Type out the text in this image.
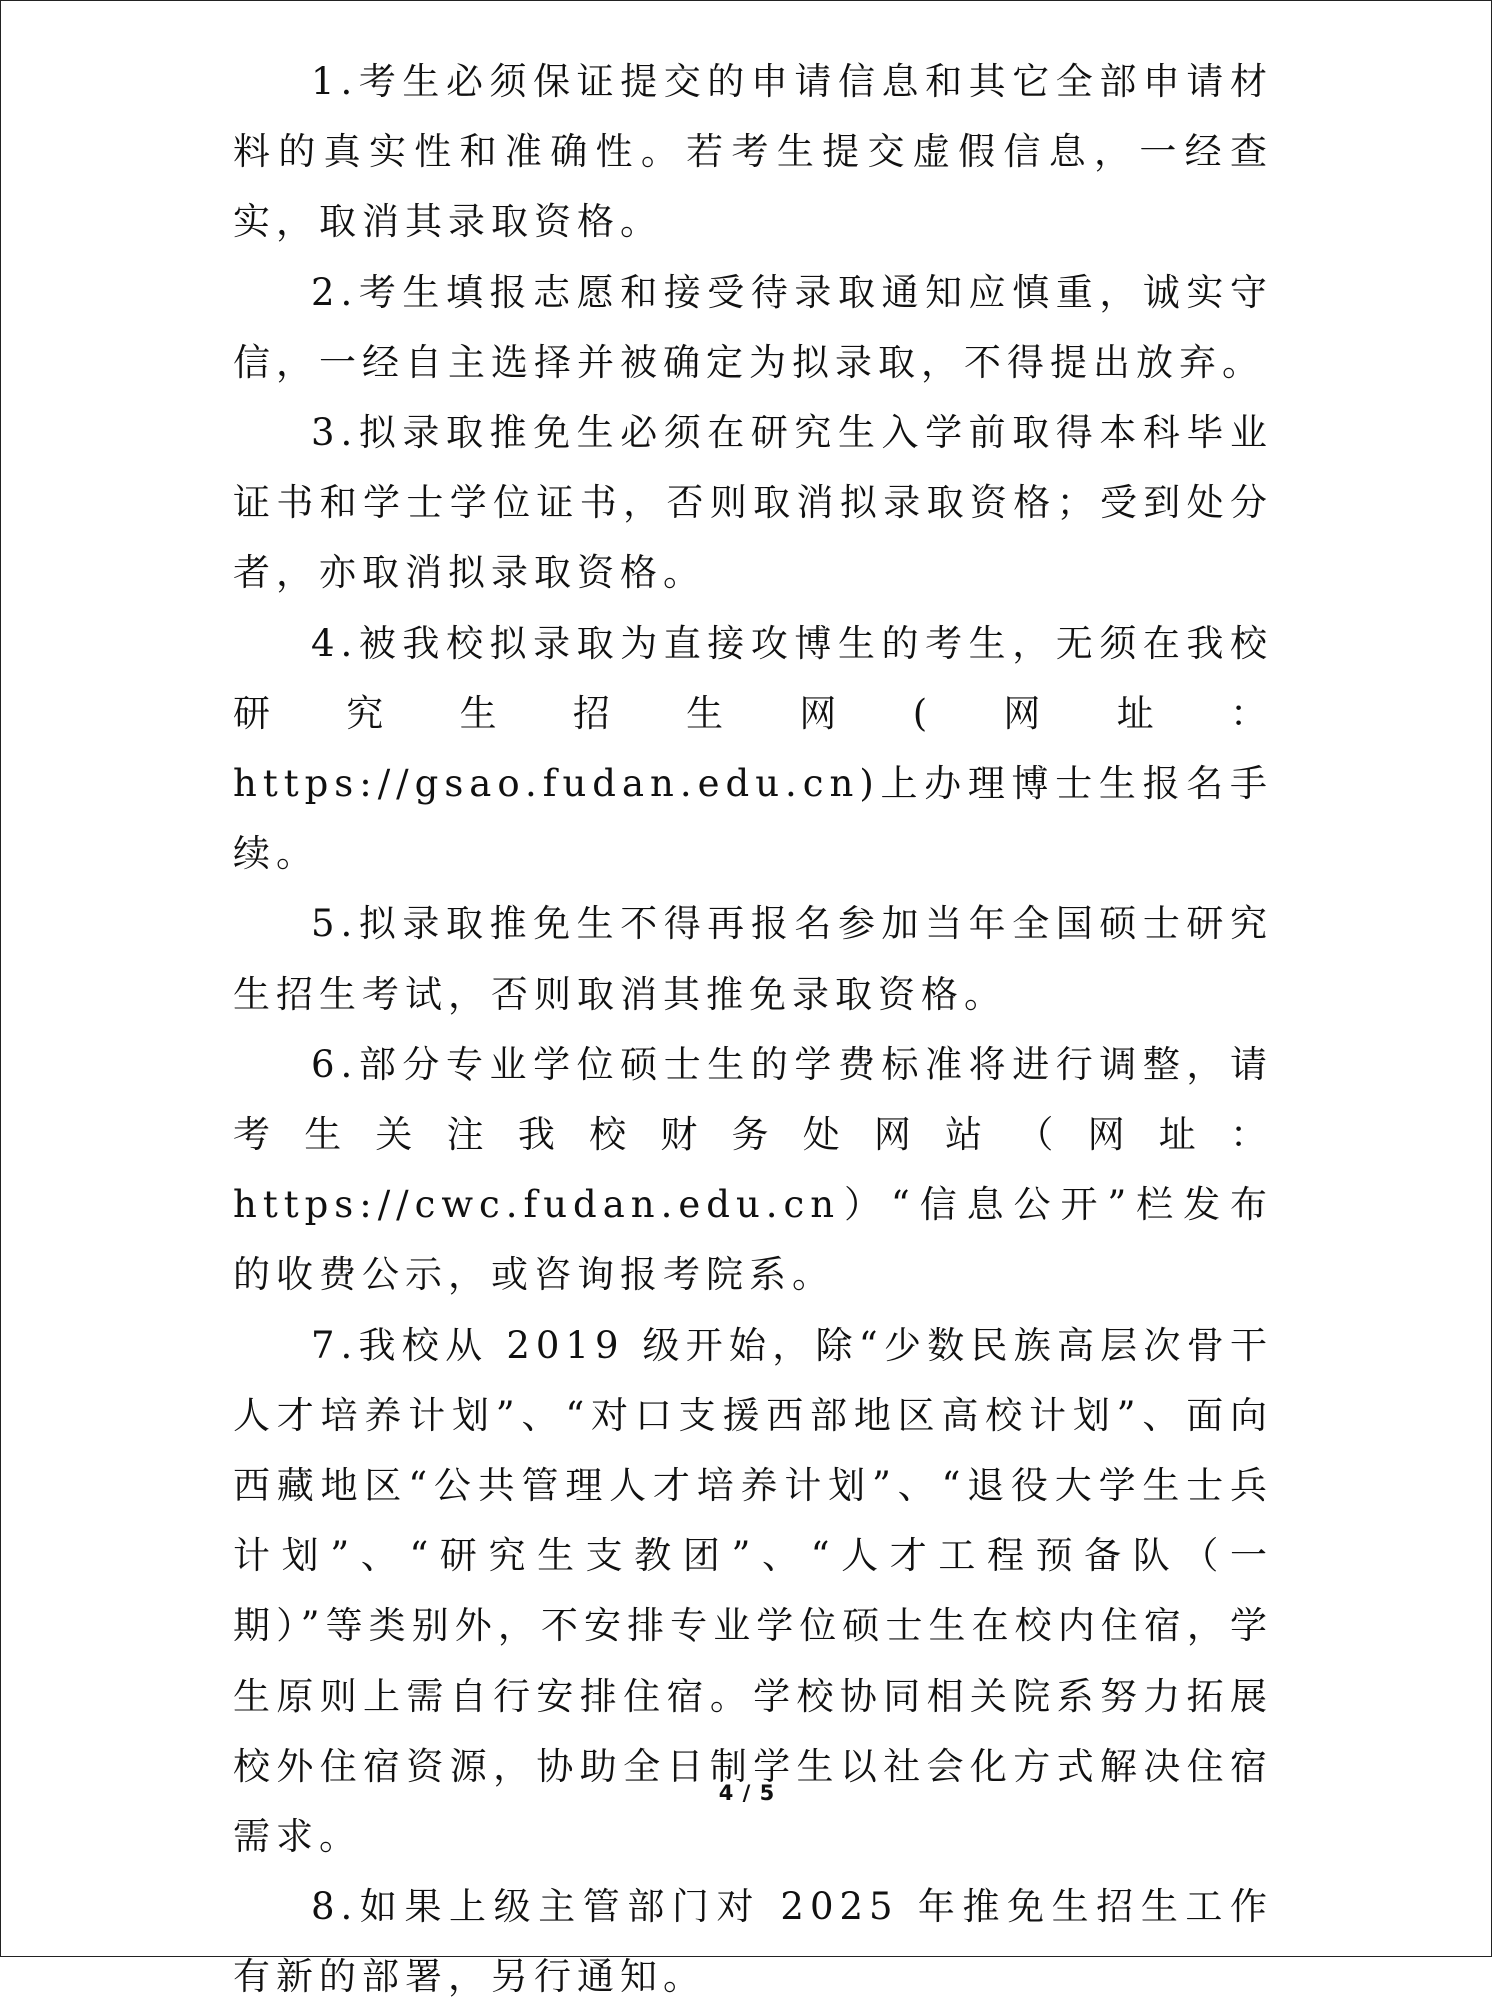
1.考生必须保证提交的申请信息和其它全部申请材料的真实性和准确性。若考生提交虚假信息，一经查实，取消其录取资格。

2.考生填报志愿和接受待录取通知应慎重，诚实守信，一经自主选择并被确定为拟录取，不得提出放弃。

3.拟录取推免生必须在研究生入学前取得本科毕业证书和学士学位证书，否则取消拟录取资格；受到处分者，亦取消拟录取资格。

4.被我校拟录取为直接攻博生的考生，无须在我校研究生招生网(网址：https://gsao.fudan.edu.cn)上办理博士生报名手续。

5.拟录取推免生不得再报名参加当年全国硕士研究生招生考试，否则取消其推免录取资格。

6.部分专业学位硕士生的学费标准将进行调整，请考生关注我校财务处网站（网址：https://cwc.fudan.edu.cn）“信息公开”栏发布的收费公示，或咨询报考院系。

7.我校从 2019 级开始，除“少数民族高层次骨干人才培养计划”、“对口支援西部地区高校计划”、面向西藏地区“公共管理人才培养计划”、“退役大学生士兵计划”、“研究生支教团”、“人才工程预备队（一期）”等类别外，不安排专业学位硕士生在校内住宿，学生原则上需自行安排住宿。学校协同相关院系努力拓展校外住宿资源，协助全日制学生以社会化方式解决住宿需求。

8.如果上级主管部门对 2025 年推免生招生工作有新的部署，另行通知。

4 / 5
